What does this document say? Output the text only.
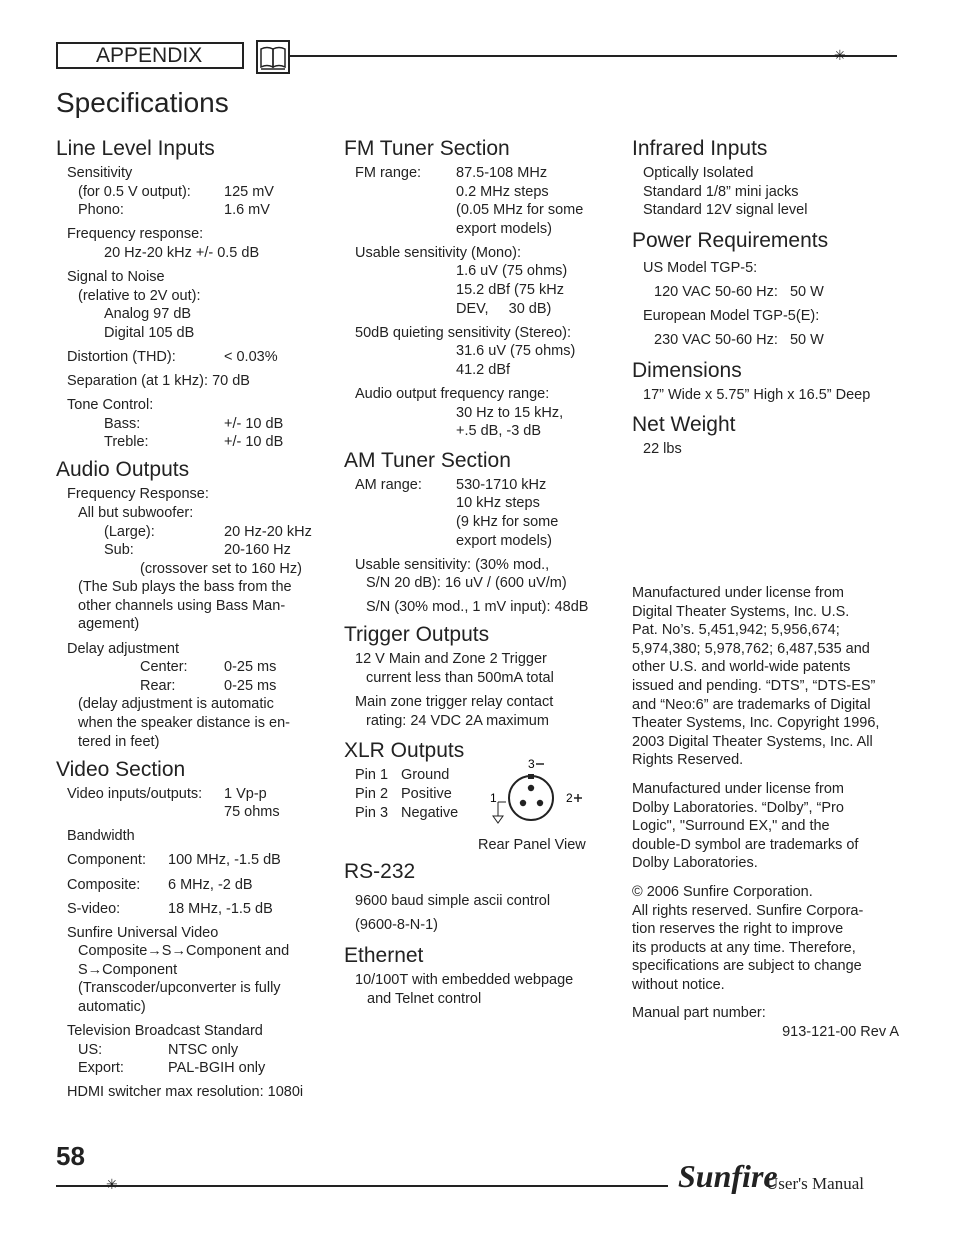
APPENDIX	✳
Specifications
Line Level Inputs
Sensitivity
(for 0.5 V output):	125 mV
Phono:	1.6 mV
Frequency response:
20 Hz-20 kHz +/- 0.5 dB
Signal to Noise
(relative to 2V out):
Analog 97 dB
Digital 105 dB
Distortion (THD):	< 0.03%
Separation (at 1 kHz): 70 dB
Tone Control:
Bass:	+/- 10 dB
Treble:	+/- 10 dB
Audio Outputs
Frequency Response:
All but subwoofer:
(Large):	20 Hz-20 kHz
Sub:	20-160 Hz
(crossover set to 160 Hz)
(The Sub plays the bass from the
other channels using Bass Man-
agement)
Delay adjustment
Center:	0-25 ms
Rear:	0-25 ms
(delay adjustment is automatic
when the speaker distance is en-
tered in feet)
Video Section
Video inputs/outputs:	1 Vp-p
75 ohms
Bandwidth
Component:	100 MHz, -1.5 dB
Composite:	6 MHz, -2 dB
S-video:	18 MHz, -1.5 dB
Sunfire Universal Video
Composite→S→Component and
S→Component
(Transcoder/upconverter is fully
automatic)
Television Broadcast Standard
US:	NTSC only
Export:	PAL-BGIH only
HDMI switcher max resolution: 1080i
FM Tuner Section
FM range:	87.5-108 MHz
0.2 MHz steps
(0.05 MHz for some
export models)
Usable sensitivity (Mono):
1.6 uV (75 ohms)
15.2 dBf (75 kHz
DEV,     30 dB)
50dB quieting sensitivity (Stereo):
31.6 uV (75 ohms)
41.2 dBf
Audio output frequency range:
30 Hz to 15 kHz,
+.5 dB, -3 dB
AM Tuner Section
AM range:	530-1710 kHz
10 kHz steps
(9 kHz for some
export models)
Usable sensitivity: (30% mod.,
S/N 20 dB): 16 uV / (600 uV/m)
S/N (30% mod., 1 mV input): 48dB
Trigger Outputs
12 V Main and Zone 2 Trigger
current less than 500mA total
Main zone trigger relay contact
rating: 24 VDC 2A maximum
XLR Outputs
Pin 1 Ground
Pin 2 Positive
Pin 3 Negative
3
1	2
Rear Panel View
RS-232
9600 baud simple ascii control
(9600-8-N-1)
Ethernet
10/100T with embedded webpage
and Telnet control
Infrared Inputs
Optically Isolated
Standard 1/8” mini jacks
Standard 12V signal level
Power Requirements
US Model TGP-5:
120 VAC 50-60 Hz:   50 W
European Model TGP-5(E):
230 VAC 50-60 Hz:   50 W
Dimensions
17” Wide x 5.75” High x 16.5” Deep
Net Weight
22 lbs
Manufactured under license from
Digital Theater Systems, Inc. U.S.
Pat. No’s. 5,451,942; 5,956,674;
5,974,380; 5,978,762; 6,487,535 and
other U.S. and world-wide patents
issued and pending. “DTS”, “DTS-ES”
and “Neo:6” are trademarks of Digital
Theater Systems, Inc. Copyright 1996,
2003 Digital Theater Systems, Inc. All
Rights Reserved.
Manufactured under license from
Dolby Laboratories. “Dolby”, “Pro
Logic", "Surround EX," and the
double-D symbol are trademarks of
Dolby Laboratories.
© 2006 Sunfire Corporation.
All rights reserved. Sunfire Corpora-
tion reserves the right to improve
its products at any time. Therefore,
specifications are subject to change
without notice.
Manual part number:
913-121-00 Rev A
58
✳	Sunfire
User's Manual
